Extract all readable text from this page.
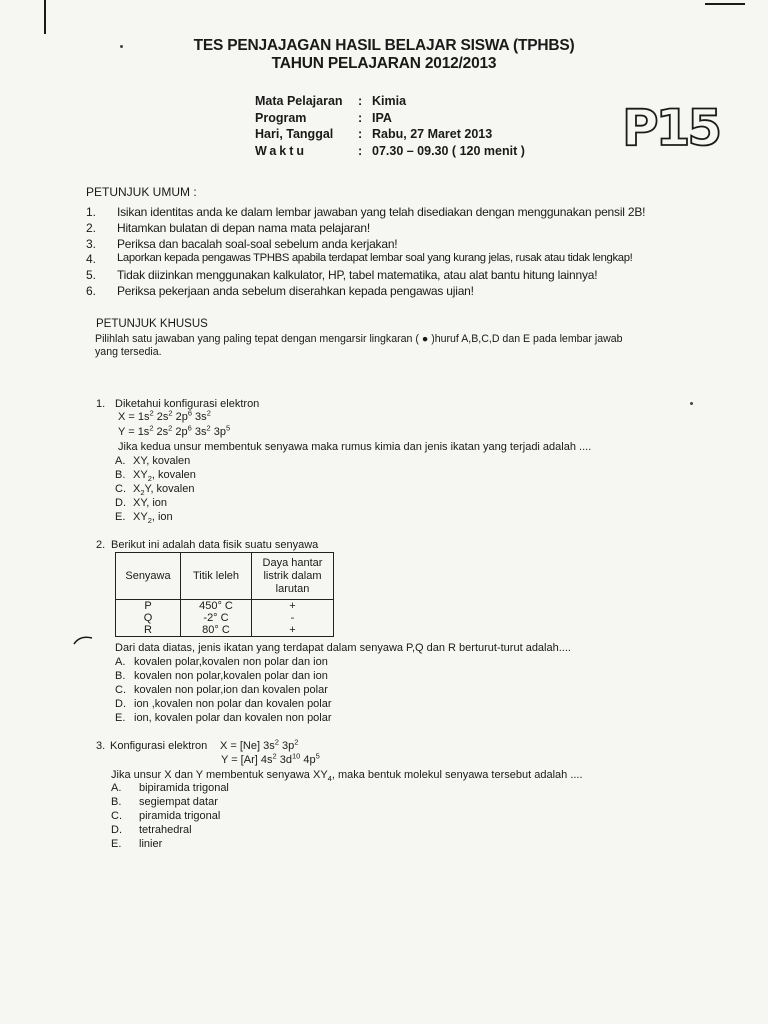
TES PENJAJAGAN HASIL BELAJAR SISWA (TPHBS)
TAHUN PELAJARAN 2012/2013
Mata Pelajaran : Kimia
Program	: IPA
Hari, Tanggal : Rabu, 27 Maret 2013
Waktu	: 07.30 – 09.30 ( 120 menit ) P15
PETUNJUK UMUM :
1. Isikan identitas anda ke dalam lembar jawaban yang telah disediakan dengan menggunakan pensil 2B!
2. Hitamkan bulatan di depan nama mata pelajaran!
3. Periksa dan bacalah soal-soal sebelum anda kerjakan!
4. Laporkan kepada pengawas TPHBS apabila terdapat lembar soal yang kurang jelas, rusak atau tidak lengkap!
5. Tidak diizinkan menggunakan kalkulator, HP, tabel matematika, atau alat bantu hitung lainnya!
6. Periksa pekerjaan anda sebelum diserahkan kepada pengawas ujian!
PETUNJUK KHUSUS
Pilihlah satu jawaban yang paling tepat dengan mengarsir lingkaran ( ● )huruf A,B,C,D dan E pada lembar jawab
yang tersedia.
1. Diketahui konfigurasi elektron
$X = 1s^2$ $2s^2$ $2p^6$ $3s^2$
$Y = 1s^2$ $2s^2$ $2p^6$ $3s^2$ $3p^5$
Jika kedua unsur membentuk senyawa maka rumus kimia dan jenis ikatan yang terjadi adalah ....
A. XY, kovalen
B. $XY_2$, kovalen
C. $X_2Y$, kovalen
D. XY, ion
E. $XY_2$, ion
2. Berikut ini adalah data fisik suatu senyawa
Senyawa	Titik leleh	Daya hantar listrik dalam larutan
P	450° C	+
Q	-2° C	-
R	80° C	+
Dari data diatas, jenis ikatan yang terdapat dalam senyawa P,Q dan R berturut-turut adalah....
A. kovalen polar,kovalen non polar dan ion
B. kovalen non polar,kovalen polar dan ion
C. kovalen non polar,ion dan kovalen polar
D. ion ,kovalen non polar dan kovalen polar
E. ion, kovalen polar dan kovalen non polar
3. Konfigurasi elektron X = [Ne] $3s^2$ $3p^2$
Y = [Ar] $4s^2$ $3d^{10}$ $4p^5$
Jika unsur X dan Y membentuk senyawa $XY_4$, maka bentuk molekul senyawa tersebut adalah ....
A. bipiramida trigonal
B. segiempat datar
C. piramida trigonal
D. tetrahedral
E. linier
